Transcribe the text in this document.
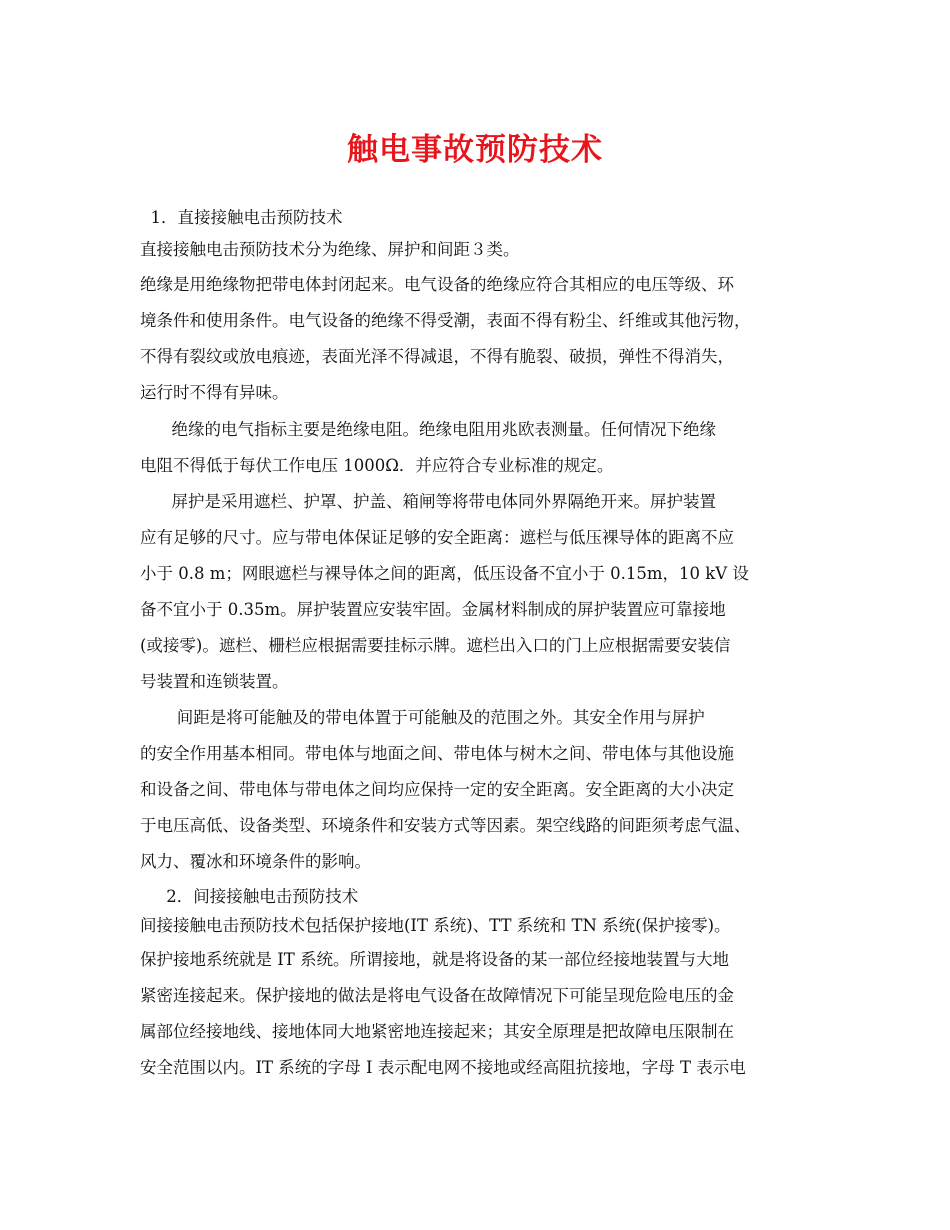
触电事故预防技术
1．直接接触电击预防技术
直接接触电击预防技术分为绝缘、屏护和间距３类。
绝缘是用绝缘物把带电体封闭起来。电气设备的绝缘应符合其相应的电压等级、环
境条件和使用条件。电气设备的绝缘不得受潮，表面不得有粉尘、纤维或其他污物，
不得有裂纹或放电痕迹，表面光泽不得减退，不得有脆裂、破损，弹性不得消失，
运行时不得有异味。
绝缘的电气指标主要是绝缘电阻。绝缘电阻用兆欧表测量。任何情况下绝缘
电阻不得低于每伏工作电压 1000Ω．并应符合专业标准的规定。
屏护是采用遮栏、护罩、护盖、箱闸等将带电体同外界隔绝开来。屏护装置
应有足够的尺寸。应与带电体保证足够的安全距离：遮栏与低压裸导体的距离不应
小于 0.8 m；网眼遮栏与裸导体之间的距离，低压设备不宜小于 0.15m，10 kV 设
备不宜小于 0.35m。屏护装置应安装牢固。金属材料制成的屏护装置应可靠接地
(或接零)。遮栏、栅栏应根据需要挂标示牌。遮栏出入口的门上应根据需要安装信
号装置和连锁装置。
间距是将可能触及的带电体置于可能触及的范围之外。其安全作用与屏护
的安全作用基本相同。带电体与地面之间、带电体与树木之间、带电体与其他设施
和设备之间、带电体与带电体之间均应保持一定的安全距离。安全距离的大小决定
于电压高低、设备类型、环境条件和安装方式等因素。架空线路的间距须考虑气温、
风力、覆冰和环境条件的影响。
2．间接接触电击预防技术
间接接触电击预防技术包括保护接地(IT 系统)、TT 系统和 TN 系统(保护接零)。
保护接地系统就是 IT 系统。所谓接地，就是将设备的某一部位经接地装置与大地
紧密连接起来。保护接地的做法是将电气设备在故障情况下可能呈现危险电压的金
属部位经接地线、接地体同大地紧密地连接起来；其安全原理是把故障电压限制在
安全范围以内。IT 系统的字母 I 表示配电网不接地或经高阻抗接地，字母 T 表示电
